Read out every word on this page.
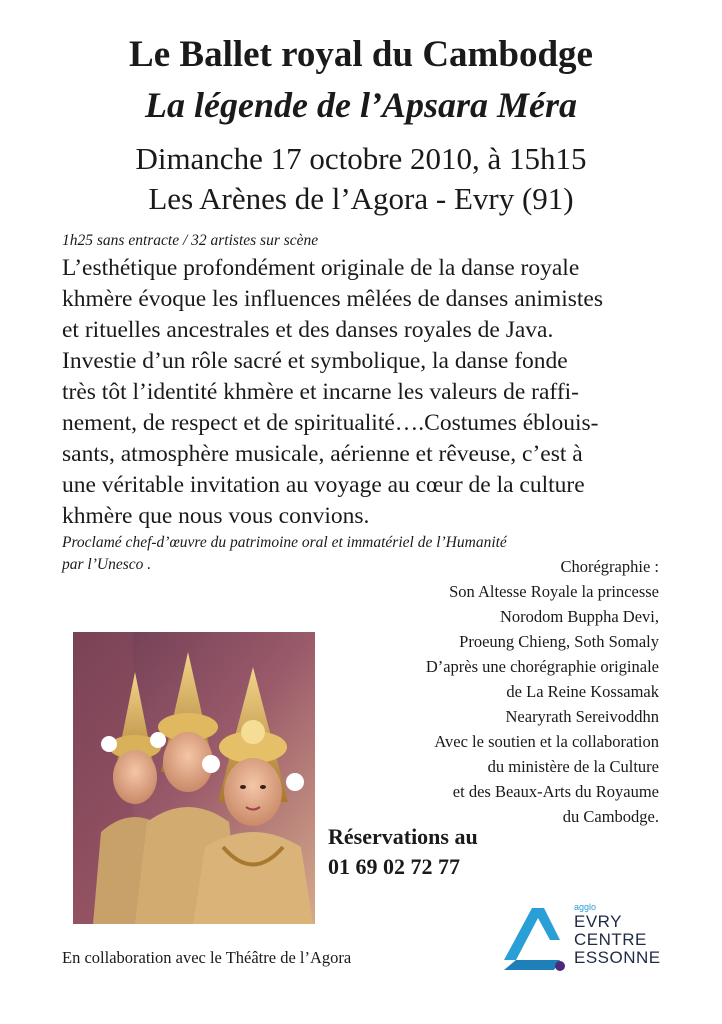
Le Ballet royal du Cambodge
La légende de l’Apsara Méra
Dimanche 17 octobre 2010, à 15h15
Les Arènes de l’Agora - Evry (91)
1h25 sans entracte / 32 artistes sur scène
L’esthétique profondément originale de la danse royale
khmère évoque les influences mêlées de danses animistes
et rituelles ancestrales et des danses royales de Java.
Investie d’un rôle sacré et symbolique, la danse fonde
très tôt l’identité khmère et incarne les valeurs de raffi-
nement, de respect et de spiritualité….Costumes éblouis-
sants, atmosphère musicale, aérienne et rêveuse, c’est à
une véritable invitation au voyage au cœur de la culture
khmère que nous vous convions.
Proclamé chef-d’œuvre du patrimoine oral et immatériel de l’Humanité
par l’Unesco .	Chorégraphie :
Son Altesse Royale la princesse
Norodom Buppha Devi,
Proeung Chieng, Soth Somaly
D’après une chorégraphie originale
de La Reine Kossamak
Nearyrath Sereivoddhn
Avec le soutien et la collaboration
du ministère de la Culture
et des Beaux-Arts du Royaume
du Cambodge.
Réservations au
01 69 02 72 77
En collaboration avec le Théâtre de l’Agora
agglo
EVRY
CENTRE
ESSONNE
